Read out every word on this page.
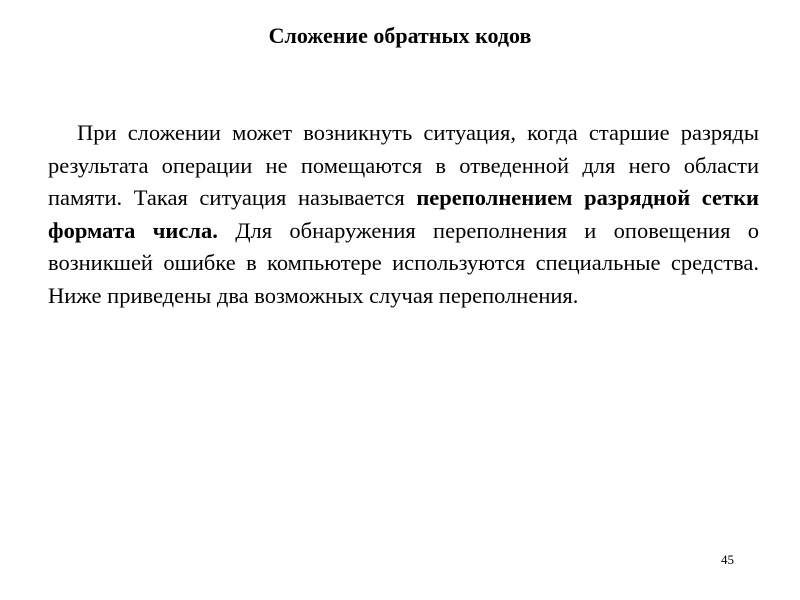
Сложение обратных кодов

При сложении может возникнуть ситуация, когда старшие разряды результата операции не помещаются в отведенной для него области памяти. Такая ситуация называется переполнением разрядной сетки формата числа. Для обнаружения переполнения и оповещения о возникшей ошибке в компьютере используются специальные средства. Ниже приведены два возможных случая переполнения.

45
